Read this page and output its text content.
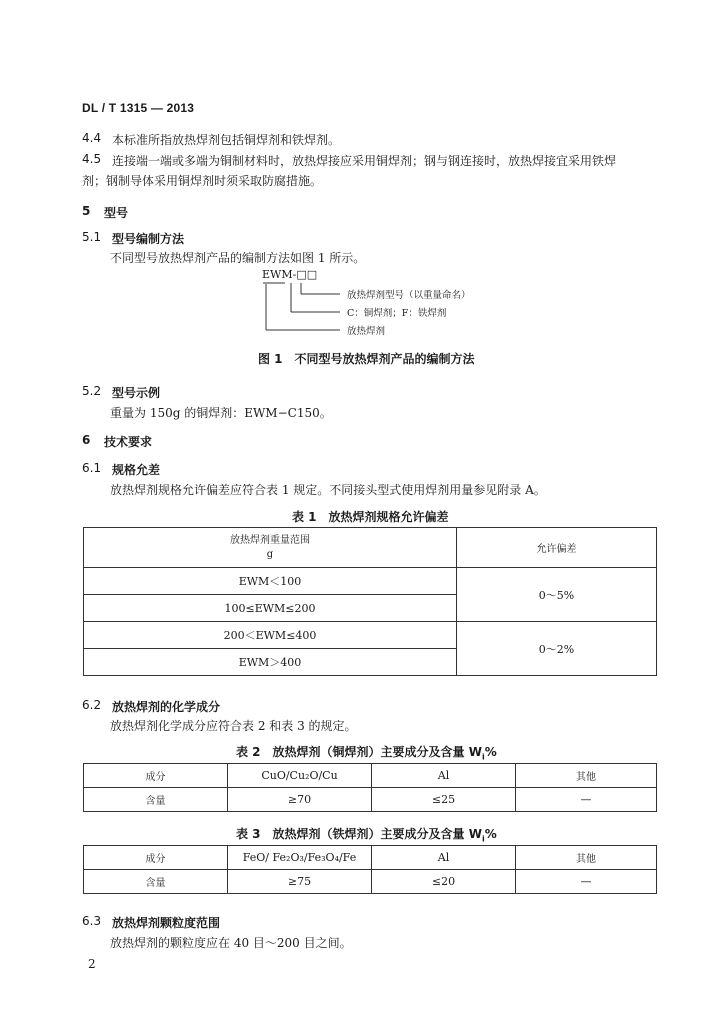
DL / T 1315 — 2013
4.4 本标准所指放热焊剂包括铜焊剂和铁焊剂。
4.5 连接端一端或多端为铜制材料时，放热焊接应采用铜焊剂；钢与钢连接时，放热焊接宜采用铁焊
剂；钢制导体采用铜焊剂时须采取防腐措施。
5 型号
5.1 型号编制方法
不同型号放热焊剂产品的编制方法如图 1 所示。
EWM-□□
放热焊剂型号（以重量命名）
C：铜焊剂；F：铁焊剂
放热焊剂
图 1　不同型号放热焊剂产品的编制方法
5.2 型号示例
重量为 150g 的铜焊剂：EWM−C150。
6 技术要求
6.1 规格允差
放热焊剂规格允许偏差应符合表 1 规定。不同接头型式使用焊剂用量参见附录 A。
表 1　放热焊剂规格允许偏差
放热焊剂重量范围
g	允许偏差
EWM＜100	0～5%
100≤EWM≤200	
200＜EWM≤400	0～2%
EWM＞400	
6.2 放热焊剂的化学成分
放热焊剂化学成分应符合表 2 和表 3 的规定。
表 2　放热焊剂（铜焊剂）主要成分及含量 $W_i\%$
成分	CuO/Cu₂O/Cu	Al	其他
含量	≥70	≤25	—
表 3　放热焊剂（铁焊剂）主要成分及含量 $W_i\%$
成分	FeO/ Fe₂O₃/Fe₃O₄/Fe	Al	其他
含量	≥75	≤20	—
6.3 放热焊剂颗粒度范围
放热焊剂的颗粒度应在 40 目～200 目之间。
2
